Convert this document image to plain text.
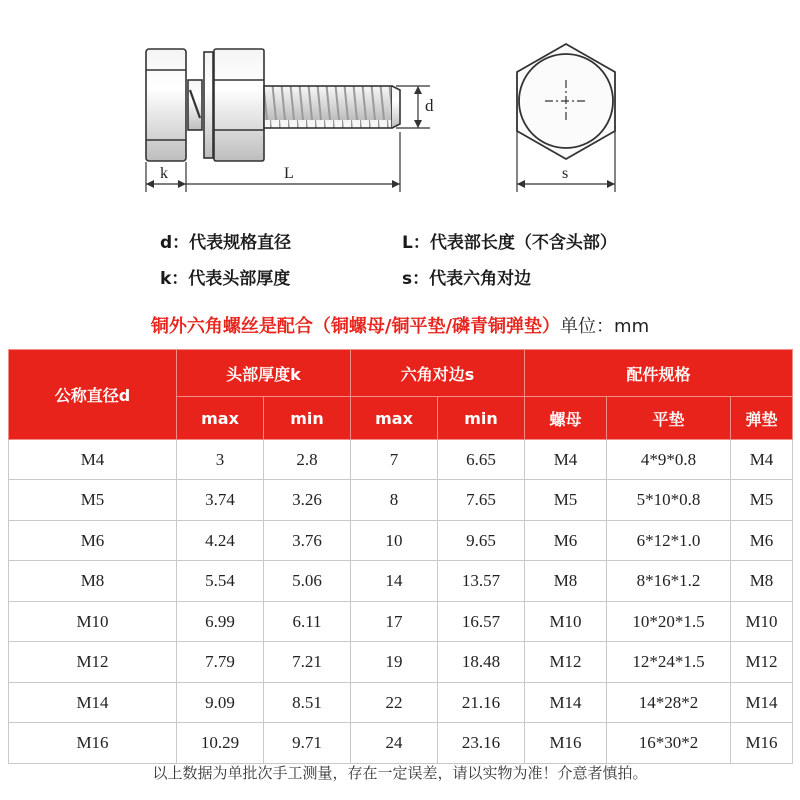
d
k	L	s
d：代表规格直径	L：代表部长度（不含头部）
k：代表头部厚度	s：代表六角对边
铜外六角螺丝是配合（铜螺母/铜平垫/磷青铜弹垫）单位：mm
公称直径d	头部厚度k		六角对边s		配件规格		
	max	min	max	min	螺母	平垫	弹垫
M4	3	2.8	7	6.65	M4	4*9*0.8	M4
M5	3.74	3.26	8	7.65	M5	5*10*0.8	M5
M6	4.24	3.76	10	9.65	M6	6*12*1.0	M6
M8	5.54	5.06	14	13.57	M8	8*16*1.2	M8
M10	6.99	6.11	17	16.57	M10	10*20*1.5	M10
M12	7.79	7.21	19	18.48	M12	12*24*1.5	M12
M14	9.09	8.51	22	21.16	M14	14*28*2	M14
M16	10.29	9.71	24	23.16	M16	16*30*2	M16
以上数据为单批次手工测量，存在一定误差，请以实物为准！介意者慎拍。
